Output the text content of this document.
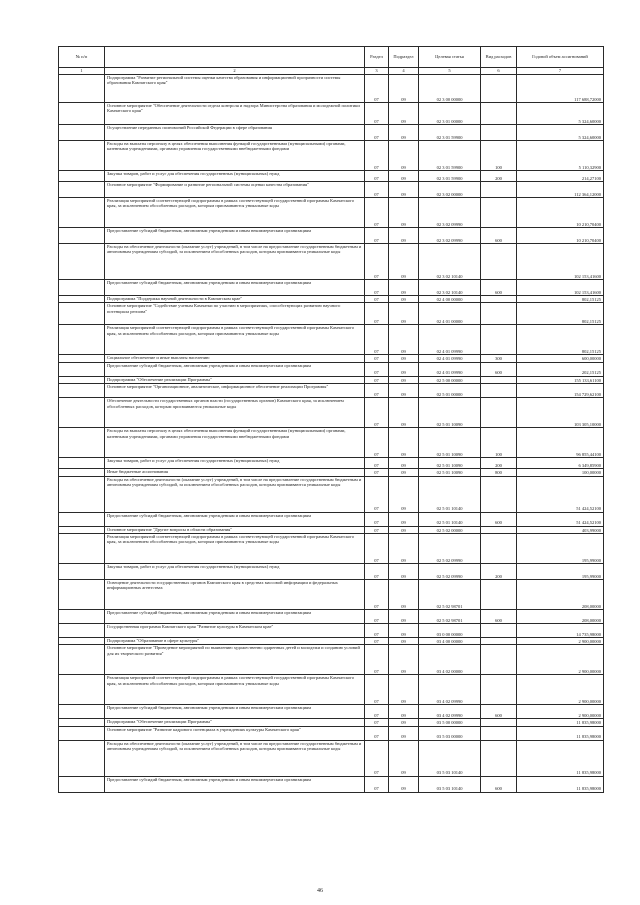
№ п/п		Раздел	Подраздел	Целевая статья	Вид расходов	Годовой объем ассигнований
1	2	3	4	5	6	7
	Подпрограмма "Развитие региональной системы оценки качества образования и информационной прозрачности системы образования Камчатского края"	07	09	02 3 00 00000		117 688,72000
	Основное мероприятие "Обеспечение деятельности отдела контроля и надзора Министерства образования и молодежной политики Камчатского края"	07	09	02 3 01 00000		5 324,60000
	Осуществление переданных полномочий Российской Федерации в сфере образования	07	09	02 3 01 59900		5 324,60000
	Расходы на выплаты персоналу в целях обеспечения выполнения функций государственными (муниципальными) органами, казенными учреждениями, органами управления государственными внебюджетными фондами	07	09	02 3 01 59900	100	5 110,32900
	Закупка товаров, работ и услуг для обеспечения государственных (муниципальных) нужд	07	09	02 3 01 59900	200	214,27100
	Основное мероприятие "Формирование и развитие региональной системы оценки качества образования"	07	09	02 3 02 00000		112 364,12000
	Реализация мероприятий соответствующей подпрограммы в рамках соответствующей государственной программы Камчатского края, за исключением обособленных расходов, которым присваиваются уникальные коды	07	09	02 3 02 09990		10 210,70400
	Предоставление субсидий бюджетным, автономным учреждениям и иным некоммерческим организациям	07	09	02 3 02 09990	600	10 210,70400
	Расходы на обеспечение деятельности (оказание услуг) учреждений, в том числе на предоставление государственным бюджетным и автономным учреждениям субсидий, за исключением обособленных расходов, которым присваиваются уникальные коды	07	09	02 3 02 10140		102 153,41600
	Предоставление субсидий бюджетным, автономным учреждениям и иным некоммерческим организациям	07	09	02 3 02 10140	600	102 153,41600
	Подпрограмма "Поддержка научной деятельности в Камчатском крае"	07	09	02 4 00 00000		802,15125
	Основное мероприятие "Содействие ученым Камчатки по участию в мероприятиях, способствующих развитию научного потенциала региона"	07	09	02 4 01 00000		802,15125
	Реализация мероприятий соответствующей подпрограммы в рамках соответствующей государственной программы Камчатского края, за исключением обособленных расходов, которым присваиваются уникальные коды	07	09	02 4 01 09990		802,15125
	Социальное обеспечение и иные выплаты населению	07	09	02 4 01 09990	300	600,00000
	Предоставление субсидий бюджетным, автономным учреждениям и иным некоммерческим организациям	07	09	02 4 01 09990	600	202,15125
	Подпрограмма "Обеспечение реализации Программы"	07	09	02 5 00 00000		155 133,61100
	Основное мероприятие "Организационное, аналитическое, информационное обеспечение реализации Программы"	07	09	02 5 01 00000		154 729,62100
	Обеспечение деятельности государственных органов власти (государственных органов) Камчатского края, за исключением обособленных расходов, которым присваиваются уникальные коды	07	09	02 5 01 10090		103 305,10000
	Расходы на выплаты персоналу в целях обеспечения выполнения функций государственными (муниципальными) органами, казенными учреждениями, органами управления государственными внебюджетными фондами	07	09	02 5 01 10090	100	96 855,44100
	Закупка товаров, работ и услуг для обеспечения государственных (муниципальных) нужд	07	09	02 5 01 10090	200	6 349,85900
	Иные бюджетные ассигнования	07	09	02 5 01 10090	800	100,00000
	Расходы на обеспечение деятельности (оказание услуг) учреждений, в том числе на предоставление государственным бюджетным и автономным учреждениям субсидий, за исключением обособленных расходов, которым присваиваются уникальные коды	07	09	02 5 01 10140		51 424,52100
	Предоставление субсидий бюджетным, автономным учреждениям и иным некоммерческим организациям	07	09	02 5 01 10140	600	51 424,52100
	Основное мероприятие "Другие вопросы в области образования"	07	09	02 5 02 00000		403,99000
	Реализация мероприятий соответствующей подпрограммы в рамках соответствующей государственной программы Камчатского края, за исключением обособленных расходов, которым присваиваются уникальные коды	07	09	02 5 02 09990		195,99000
	Закупка товаров, работ и услуг для обеспечения государственных (муниципальных) нужд	07	09	02 5 02 09990	200	195,99000
	Освещение деятельности государственных органов Камчатского края в средствах массовой информации и федеральных информационных агентствах	07	09	02 5 02 98701		208,00000
	Предоставление субсидий бюджетным, автономным учреждениям и иным некоммерческим организациям	07	09	02 5 02 98701	600	208,00000
	Государственная программа Камчатского края "Развитие культуры в Камчатском крае"	07	09	03 0 00 00000		14 735,98000
	Подпрограмма "Образование в сфере культуры"	07	09	03 4 00 00000		2 900,00000
	Основное мероприятие "Проведение мероприятий по выявлению художественно одаренных детей и молодежи и созданию условий для их творческого развития"	07	09	03 4 02 00000		2 900,00000
	Реализация мероприятий соответствующей подпрограммы в рамках соответствующей государственной программы Камчатского края, за исключением обособленных расходов, которым присваиваются уникальные коды	07	09	03 4 02 09990		2 900,00000
	Предоставление субсидий бюджетным, автономным учреждениям и иным некоммерческим организациям	07	09	03 4 02 09990	600	2 900,00000
	Подпрограмма "Обеспечение реализации Программы"	07	09	03 5 00 00000		11 835,98000
	Основное мероприятие "Развитие кадрового потенциала в учреждениях культуры Камчатского края"	07	09	03 5 03 00000		11 835,98000
	Расходы на обеспечение деятельности (оказание услуг) учреждений, в том числе на предоставление государственным бюджетным и автономным учреждениям субсидий, за исключением обособленных расходов, которым присваиваются уникальные коды	07	09	03 5 03 10140		11 835,98000
	Предоставление субсидий бюджетным, автономным учреждениям и иным некоммерческим организациям	07	09	03 5 03 10140	600	11 835,98000
46
